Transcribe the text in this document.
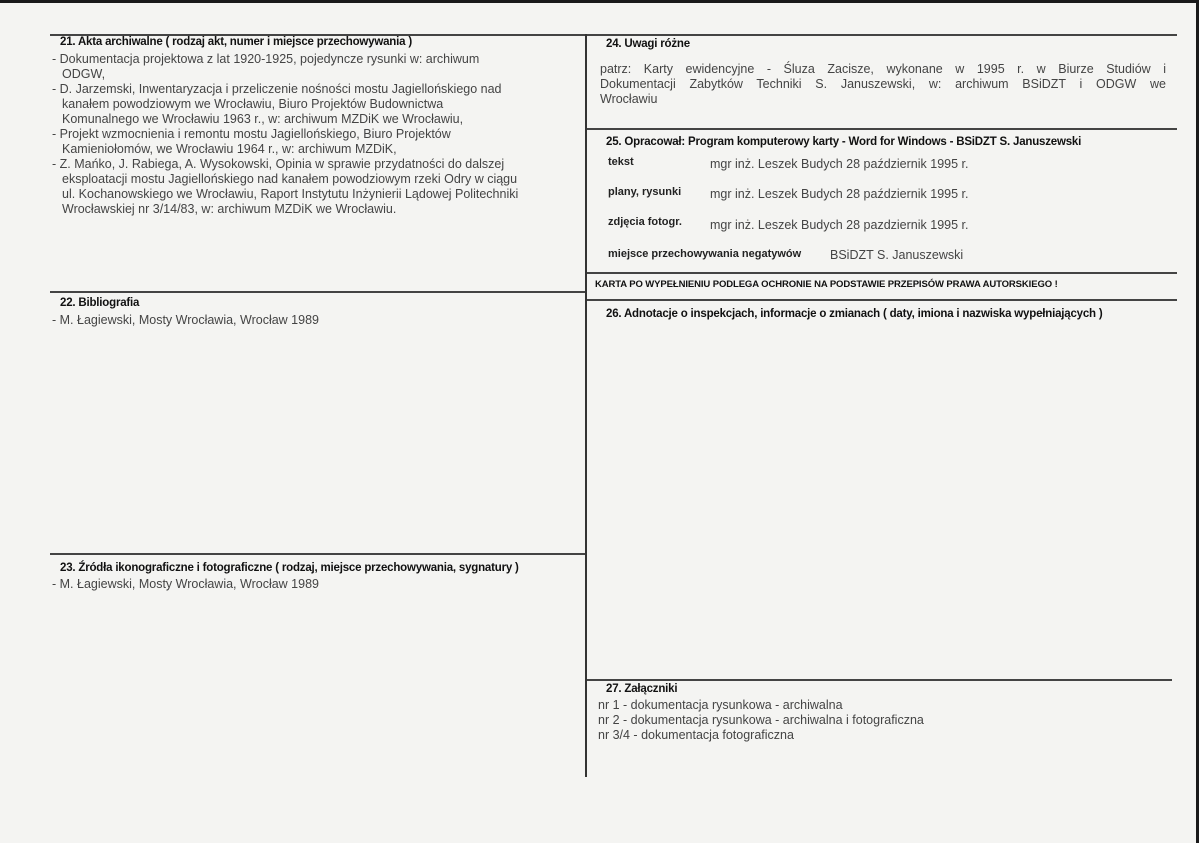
21. Akta archiwalne ( rodzaj akt, numer i miejsce przechowywania )

- Dokumentacja projektowa z lat 1920-1925, pojedyncze rysunki w: archiwum

ODGW,

- D. Jarzemski, Inwentaryzacja i przeliczenie nośności mostu Jagiellońskiego nad

kanałem powodziowym we Wrocławiu, Biuro Projektów Budownictwa

Komunalnego we Wrocławiu 1963 r., w: archiwum MZDiK we Wrocławiu,

- Projekt wzmocnienia i remontu mostu Jagiellońskiego, Biuro Projektów

Kamieniołomów, we Wrocławiu 1964 r., w: archiwum MZDiK,

- Z. Mańko, J. Rabiega, A. Wysokowski, Opinia w sprawie przydatności do dalszej

eksploatacji mostu Jagiellońskiego nad kanałem powodziowym rzeki Odry w ciągu

ul. Kochanowskiego we Wrocławiu, Raport Instytutu Inżynierii Lądowej Politechniki

Wrocławskiej nr 3/14/83, w: archiwum MZDiK we Wrocławiu.

22. Bibliografia
- M. Łagiewski, Mosty Wrocławia, Wrocław 1989
23. Źródła ikonograficzne i fotograficzne ( rodzaj, miejsce przechowywania, sygnatury )
- M. Łagiewski, Mosty Wrocławia, Wrocław 1989
24. Uwagi różne

patrz: Karty ewidencyjne - Śluza Zacisze, wykonane w 1995 r. w Biurze Studiów i

Dokumentacji Zabytków Techniki S. Januszewski, w: archiwum BSiDZT i ODGW we

Wrocławiu

25. Opracował: Program komputerowy karty - Word for Windows - BSiDZT S. Januszewski
tekst	mgr inż. Leszek Budych 28 październik 1995 r.
plany, rysunki mgr inż. Leszek Budych 28 październik 1995 r.
zdjęcia fotogr. mgr inż. Leszek Budych 28 pazdziernik 1995 r.
miejsce przechowywania negatywów BSiDZT S. Januszewski
KARTA PO WYPEŁNIENIU PODLEGA OCHRONIE NA PODSTAWIE PRZEPISÓW PRAWA AUTORSKIEGO !
26. Adnotacje o inspekcjach, informacje o zmianach ( daty, imiona i nazwiska wypełniających )
27. Załączniki

nr 1 - dokumentacja rysunkowa - archiwalna

nr 2 - dokumentacja rysunkowa - archiwalna i fotograficzna

nr 3/4 - dokumentacja fotograficzna
